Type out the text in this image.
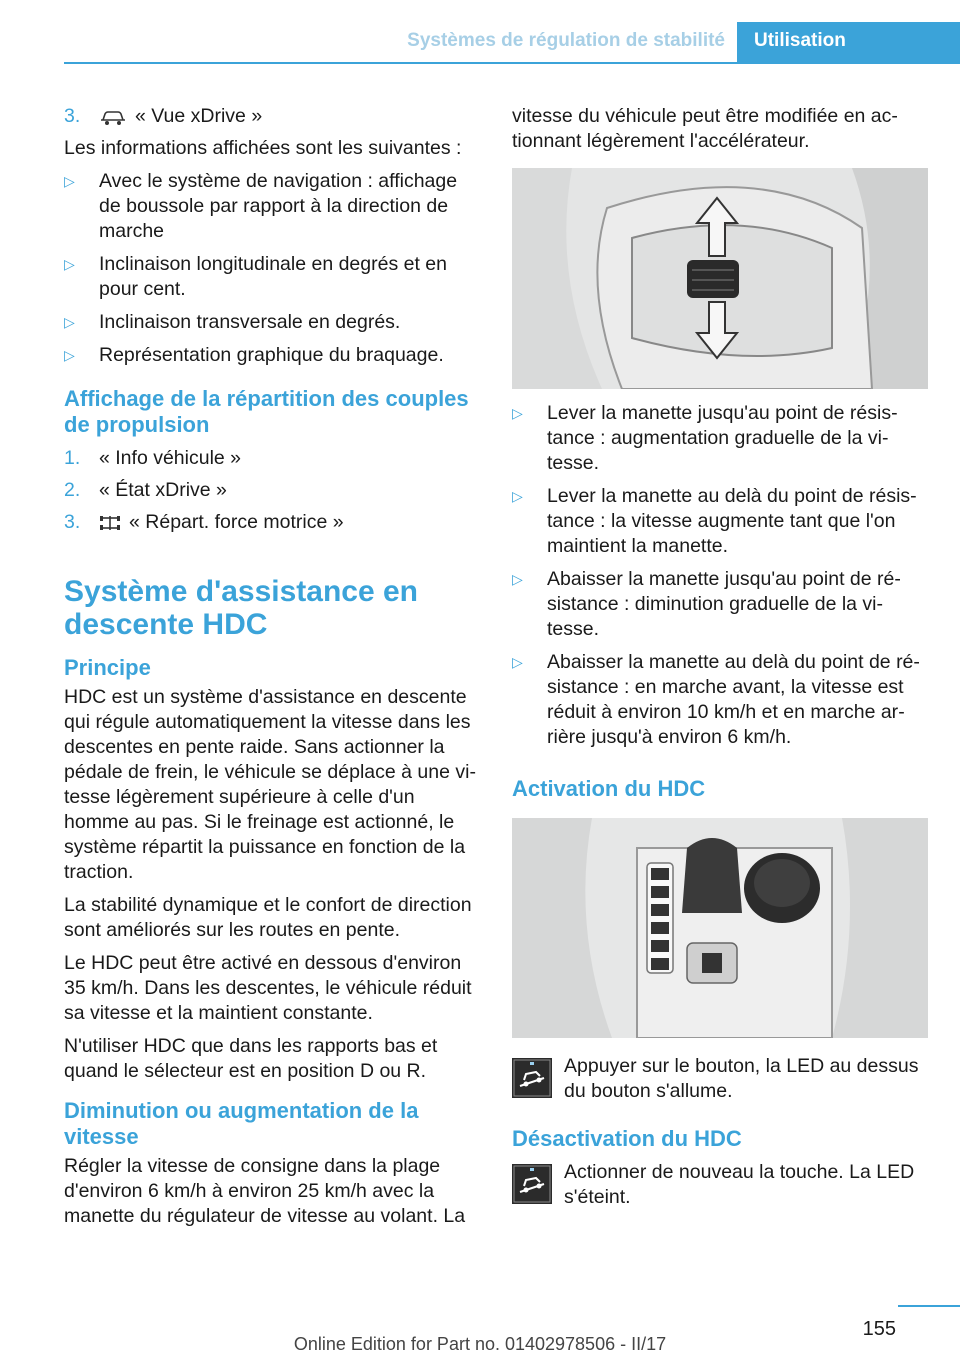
Systèmes de régulation de stabilité Utilisation
3.	« Vue xDrive »

Les informations affichées sont les suivantes :

▷ Avec le système de navigation : affichage de boussole par rapport à la direction de marche
▷ Inclinaison longitudinale en degrés et en pour cent.
▷ Inclinaison transversale en degrés.
▷ Représentation graphique du braquage.
Affichage de la répartition des couples de propulsion
1. « Info véhicule »
2. « État xDrive »
3. « Répart. force motrice »
Système d'assistance en descente HDC
Principe

HDC est un système d'assistance en descente qui régule automatiquement la vitesse dans les descentes en pente raide. Sans actionner la pédale de frein, le véhicule se déplace à une vitesse légèrement supérieure à celle d'un homme au pas. Si le freinage est actionné, le système répartit la puissance en fonction de la traction.

La stabilité dynamique et le confort de direction sont améliorés sur les routes en pente.

Le HDC peut être activé en dessous d'environ 35 km/h. Dans les descentes, le véhicule réduit sa vitesse et la maintient constante.

N'utiliser HDC que dans les rapports bas et quand le sélecteur est en position D ou R.

Diminution ou augmentation de la vitesse

Régler la vitesse de consigne dans la plage d'environ 6 km/h à environ 25 km/h avec la manette du régulateur de vitesse au volant. La

vitesse du véhicule peut être modifiée en actionnant légèrement l'accélérateur.

▷ Lever la manette jusqu'au point de résistance : augmentation graduelle de la vitesse.
▷ Lever la manette au delà du point de résistance : la vitesse augmente tant que l'on maintient la manette.
▷ Abaisser la manette jusqu'au point de résistance : diminution graduelle de la vitesse.
▷ Abaisser la manette au delà du point de résistance : en marche avant, la vitesse est réduit à environ 10 km/h et en marche arrière jusqu'à environ 6 km/h.
Activation du HDC
Appuyer sur le bouton, la LED au dessus du bouton s'allume.
Désactivation du HDC
Actionner de nouveau la touche. La LED s'éteint.
155
Online Edition for Part no. 01402978506 - II/17
